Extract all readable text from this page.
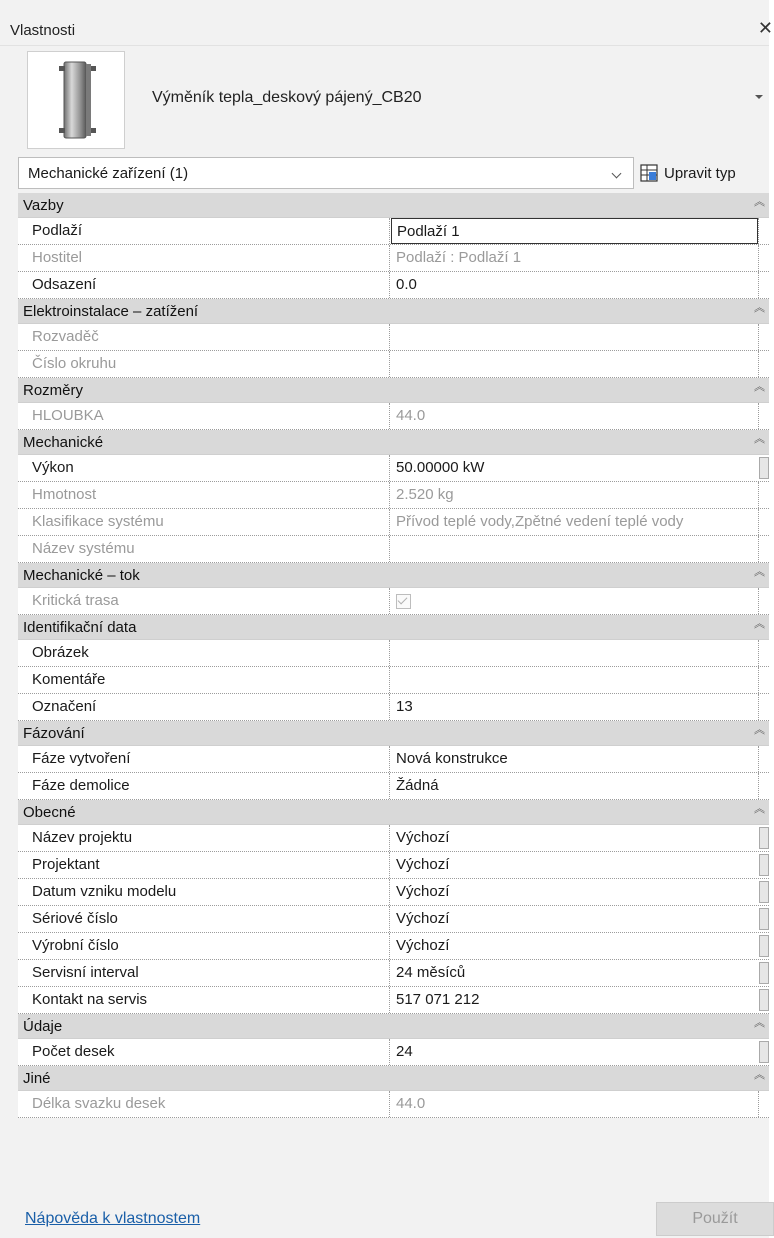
Vlastnosti	✕
Výměník tepla_deskový pájený_CB20
Mechanické zařízení (1)	Upravit typ
Vazby	︽
Podlaží	Podlaží 1
Hostitel	Podlaží : Podlaží 1
Odsazení	0.0
Elektroinstalace – zatížení	︽
Rozvaděč
Číslo okruhu
Rozměry	︽
HLOUBKA	44.0
Mechanické	︽
Výkon	50.00000 kW
Hmotnost	2.520 kg
Klasifikace systému	Přívod teplé vody,Zpětné vedení teplé vody
Název systému
Mechanické – tok	︽
Kritická trasa
Identifikační data	︽
Obrázek
Komentáře
Označení	13
Fázování	︽
Fáze vytvoření	Nová konstrukce
Fáze demolice	Žádná
Obecné	︽
Název projektu	Výchozí
Projektant	Výchozí
Datum vzniku modelu	Výchozí
Sériové číslo	Výchozí
Výrobní číslo	Výchozí
Servisní interval	24 měsíců
Kontakt na servis	517 071 212
Údaje	︽
Počet desek	24
Jiné	︽
Délka svazku desek	44.0
Nápověda k vlastnostem	Použít
